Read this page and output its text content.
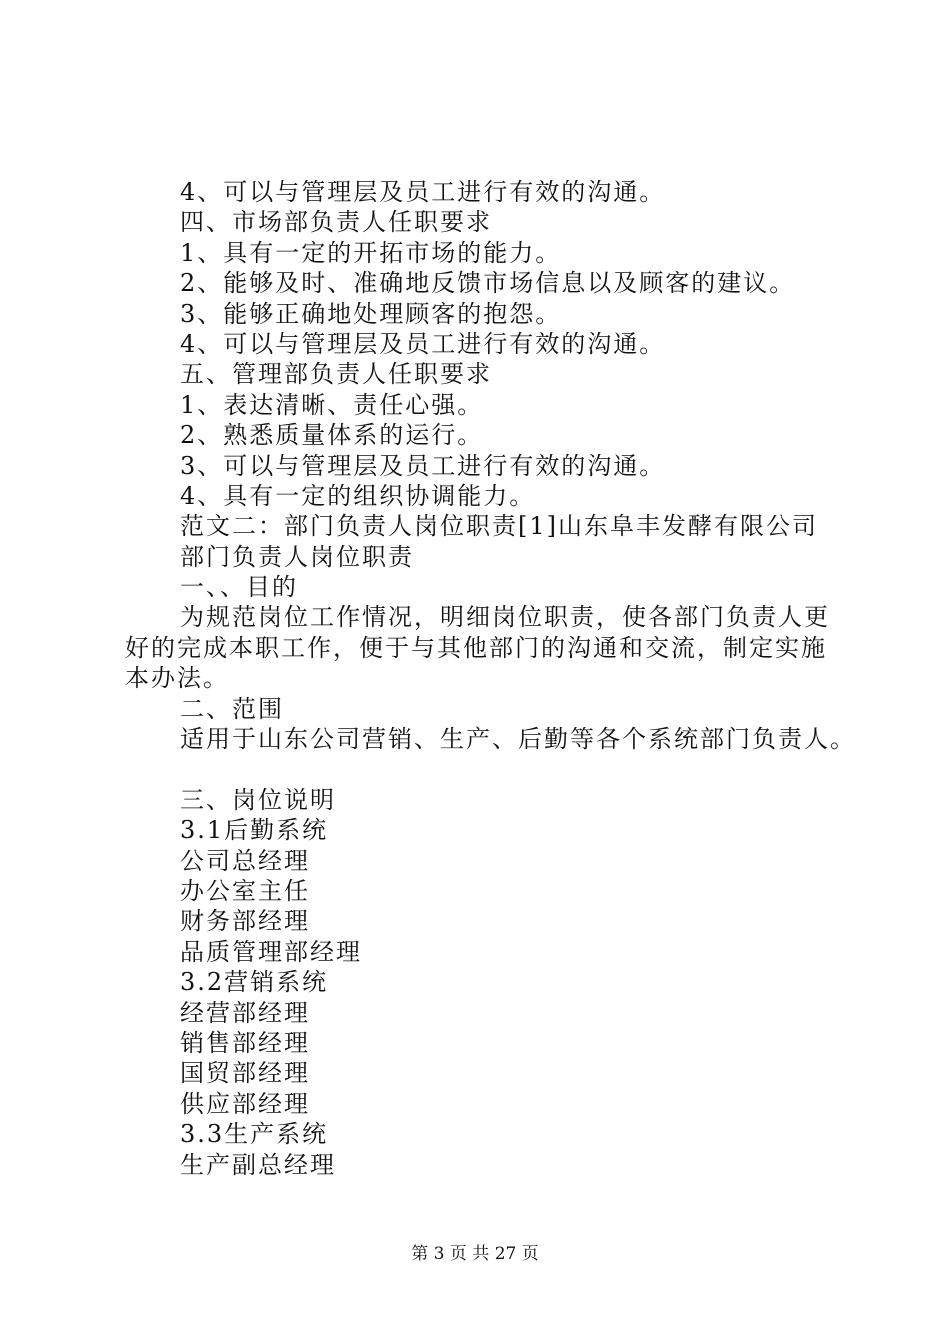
4、可以与管理层及员工进行有效的沟通。
四、市场部负责人任职要求
1、具有一定的开拓市场的能力。
2、能够及时、准确地反馈市场信息以及顾客的建议。
3、能够正确地处理顾客的抱怨。
4、可以与管理层及员工进行有效的沟通。
五、管理部负责人任职要求
1、表达清晰、责任心强。
2、熟悉质量体系的运行。
3、可以与管理层及员工进行有效的沟通。
4、具有一定的组织协调能力。
范文二：部门负责人岗位职责[1]山东阜丰发酵有限公司
部门负责人岗位职责
一、、目的
为规范岗位工作情况，明细岗位职责，使各部门负责人更好的完成本职工作，便于与其他部门的沟通和交流，制定实施本办法。
二、范围
适用于山东公司营销、生产、后勤等各个系统部门负责人。
三、岗位说明
3.1后勤系统
公司总经理
办公室主任
财务部经理
品质管理部经理
3.2营销系统
经营部经理
销售部经理
国贸部经理
供应部经理
3.3生产系统
生产副总经理
第 3 页 共 27 页
